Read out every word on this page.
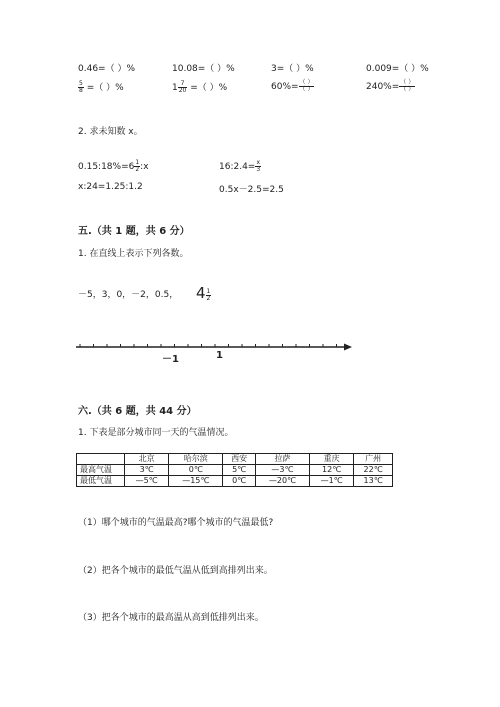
0.46=（ ）%	10.08=（ ）%	3=（ ）%	0.009=（ ）%
$\frac{5}{8}$ =（ ）%	$1 \frac{7}{20}$ =（ ）%	$60\%= \frac{( )}{( )}$	$240\%= \frac{( )}{( )}$
2. 求未知数 x。
0.15:18%=6 $\frac{1}{2}$ :x	16:2.4= $\frac{x}{3}$
x:24=1.25:1.2	0.5x－2.5=2.5
五.（共 1 题，共 6 分）
1. 在直线上表示下列各数。
－5，3，0，－2，0.5， $4 \frac{1}{2}$
－1	1
六.（共 6 题，共 44 分）
1. 下表是部分城市同一天的气温情况。
	北京	哈尔滨	西安	拉萨	重庆	广州
最高气温	3℃	0℃	5℃	—3℃	12℃	22℃
最低气温	—5℃	—15℃	0℃	—20℃	—1℃	13℃
（1）哪个城市的气温最高?哪个城市的气温最低?
（2）把各个城市的最低气温从低到高排列出来。
（3）把各个城市的最高温从高到低排列出来。
